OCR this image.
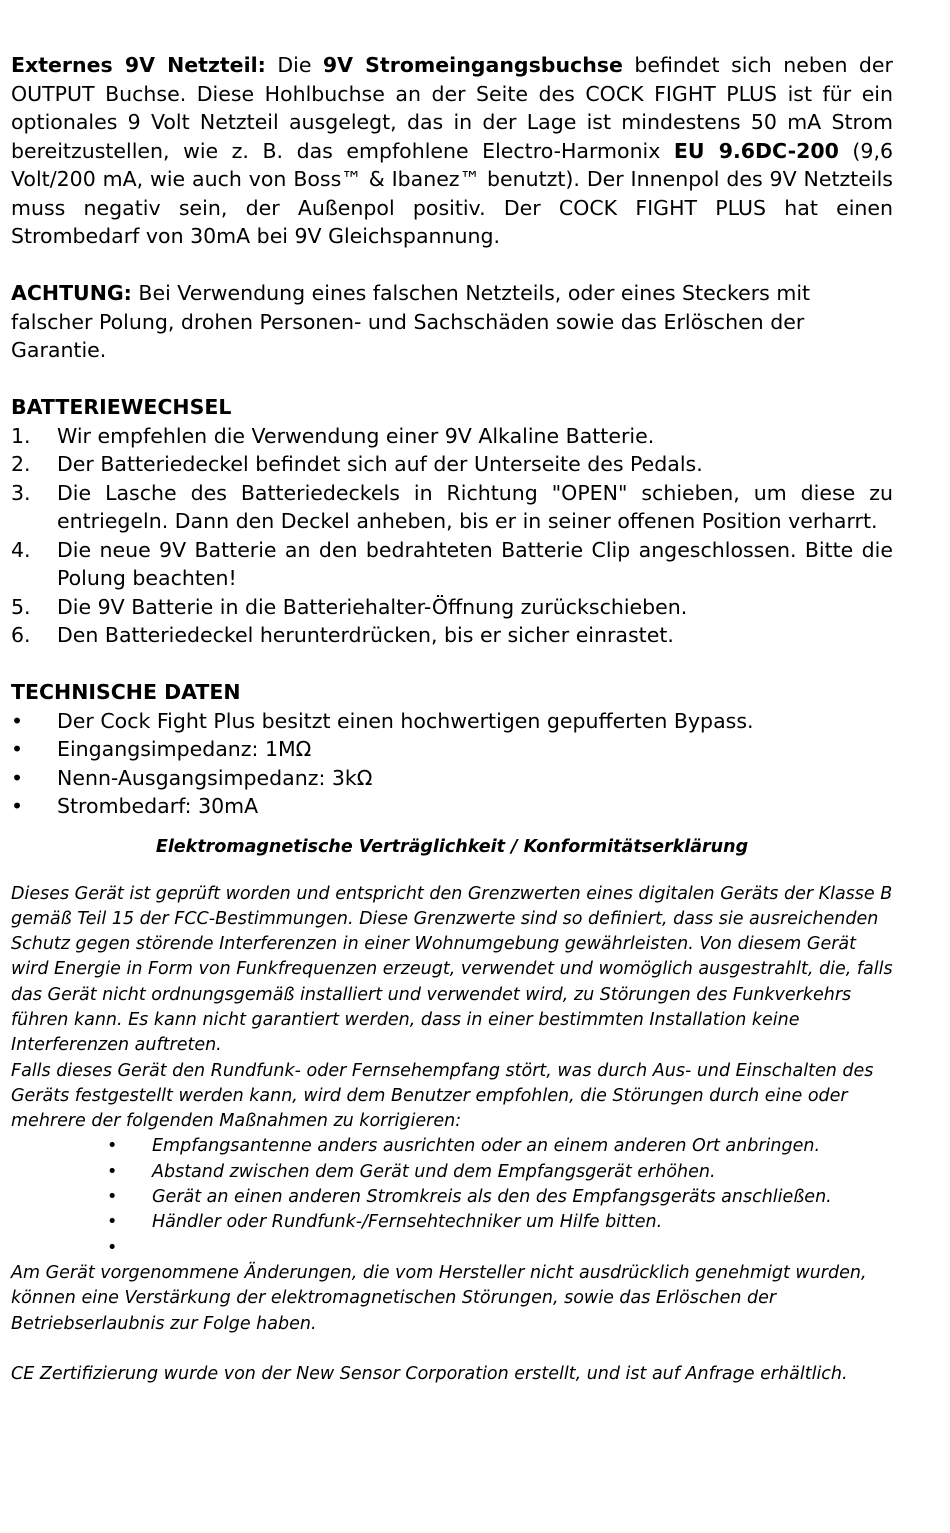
Externes 9V Netzteil: Die 9V Stromeingangsbuchse befindet sich neben der OUTPUT Buchse. Diese Hohlbuchse an der Seite des COCK FIGHT PLUS ist für ein optionales 9 Volt Netzteil ausgelegt, das in der Lage ist mindestens 50 mA Strom bereitzustellen, wie z. B. das empfohlene Electro-Harmonix EU 9.6DC-200 (9,6 Volt/200 mA, wie auch von Boss™ & Ibanez™ benutzt). Der Innenpol des 9V Netzteils muss negativ sein, der Außenpol positiv. Der COCK FIGHT PLUS hat einen Strombedarf von 30mA bei 9V Gleichspannung.

ACHTUNG: Bei Verwendung eines falschen Netzteils, oder eines Steckers mit falscher Polung, drohen Personen- und Sachschäden sowie das Erlöschen der Garantie.

BATTERIEWECHSEL
1. Wir empfehlen die Verwendung einer 9V Alkaline Batterie.
2. Der Batteriedeckel befindet sich auf der Unterseite des Pedals.
3. Die Lasche des Batteriedeckels in Richtung "OPEN" schieben, um diese zu entriegeln. Dann den Deckel anheben, bis er in seiner offenen Position verharrt.
4. Die neue 9V Batterie an den bedrahteten Batterie Clip angeschlossen. Bitte die Polung beachten!
5. Die 9V Batterie in die Batteriehalter-Öffnung zurückschieben.
6. Den Batteriedeckel herunterdrücken, bis er sicher einrastet.
TECHNISCHE DATEN
• Der Cock Fight Plus besitzt einen hochwertigen gepufferten Bypass.
• Eingangsimpedanz: 1MΩ
• Nenn-Ausgangsimpedanz: 3kΩ
• Strombedarf: 30mA
Elektromagnetische Verträglichkeit / Konformitätserklärung

Dieses Gerät ist geprüft worden und entspricht den Grenzwerten eines digitalen Geräts der Klasse B gemäß Teil 15 der FCC-Bestimmungen. Diese Grenzwerte sind so definiert, dass sie ausreichenden Schutz gegen störende Interferenzen in einer Wohnumgebung gewährleisten. Von diesem Gerät wird Energie in Form von Funkfrequenzen erzeugt, verwendet und womöglich ausgestrahlt, die, falls das Gerät nicht ordnungsgemäß installiert und verwendet wird, zu Störungen des Funkverkehrs führen kann. Es kann nicht garantiert werden, dass in einer bestimmten Installation keine Interferenzen auftreten.

Falls dieses Gerät den Rundfunk- oder Fernsehempfang stört, was durch Aus- und Einschalten des Geräts festgestellt werden kann, wird dem Benutzer empfohlen, die Störungen durch eine oder mehrere der folgenden Maßnahmen zu korrigieren:

• Empfangsantenne anders ausrichten oder an einem anderen Ort anbringen.
• Abstand zwischen dem Gerät und dem Empfangsgerät erhöhen.
• Gerät an einen anderen Stromkreis als den des Empfangsgeräts anschließen.
• Händler oder Rundfunk-/Fernsehtechniker um Hilfe bitten.
•

Am Gerät vorgenommene Änderungen, die vom Hersteller nicht ausdrücklich genehmigt wurden, können eine Verstärkung der elektromagnetischen Störungen, sowie das Erlöschen der Betriebserlaubnis zur Folge haben.

CE Zertifizierung wurde von der New Sensor Corporation erstellt, und ist auf Anfrage erhältlich.
